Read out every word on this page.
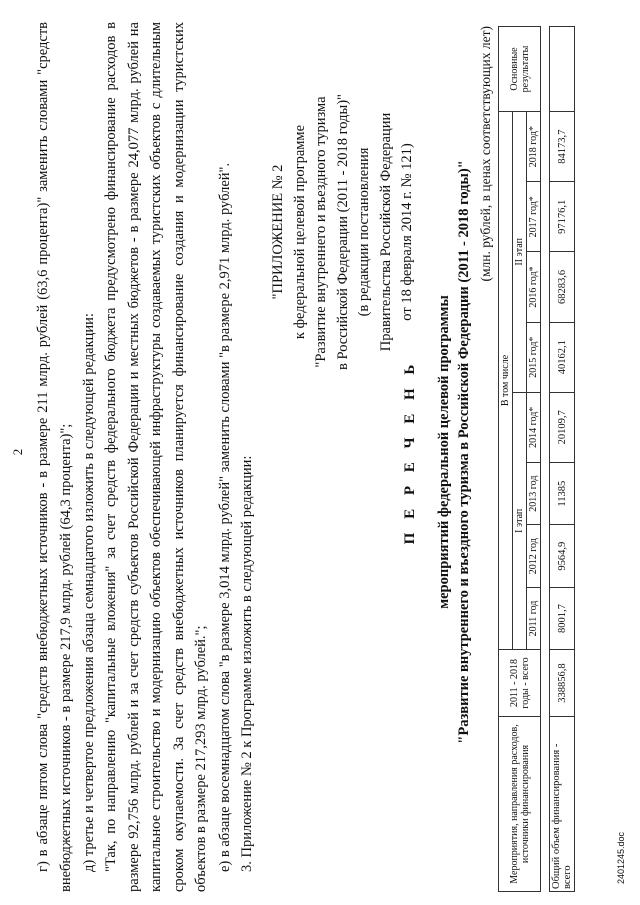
2 г) в абзаце пятом слова "средств внебюджетных источников - в размере 211 млрд. рублей (63,6 процента)" заменить словами "средств внебюджетных источников - в размере 217,9 млрд. рублей (64,3 процента)"; д) третье и четвертое предложения абзаца семнадцатого изложить в следующей редакции: "Так, по направлению "капитальные вложения" за счет средств федерального бюджета предусмотрено финансирование расходов в размере 92,756 млрд. рублей и за счет средств субъектов Российской Федерации и местных бюджетов - в размере 24,077 млрд. рублей на капитальное строительство и модернизацию объектов обеспечивающей инфраструктуры создаваемых туристских объектов с длительным сроком окупаемости. За счет средств внебюджетных источников планируется финансирование создания и модернизации туристских объектов в размере 217,293 млрд. рублей."; е) в абзаце восемнадцатом слова "в размере 3,014 млрд. рублей" заменить словами "в размере 2,971 млрд. рублей". 3. Приложение № 2 к Программе изложить в следующей редакции:

"ПРИЛОЖЕНИЕ № 2 к федеральной целевой программе "Развитие внутреннего и въездного туризма в Российской Федерации (2011 - 2018 годы)" (в редакции постановления Правительства Российской Федерации от 18 февраля 2014 г. № 121)
П Е Р Е Ч Е Н Ь мероприятий федеральной целевой программы "Развитие внутреннего и въездного туризма в Российской Федерации (2011 - 2018 годы)"
(млн. рублей, в ценах соответствующих лет)
Мероприятия, направления расходов, источники финансирования	2011 - 2018 годы - всего	В том числе								Основные результаты
		I этап				II этап				
		2011 год	2012 год	2013 год	2014 год*	2015 год*	2016 год*	2017 год*	2018 год*	

Общий объем финансирования - всего	338856,8	8001,7	9564,9	11385	20109,7	40162,1	68283,6	97176,1	84173,7	
2401245.doc
